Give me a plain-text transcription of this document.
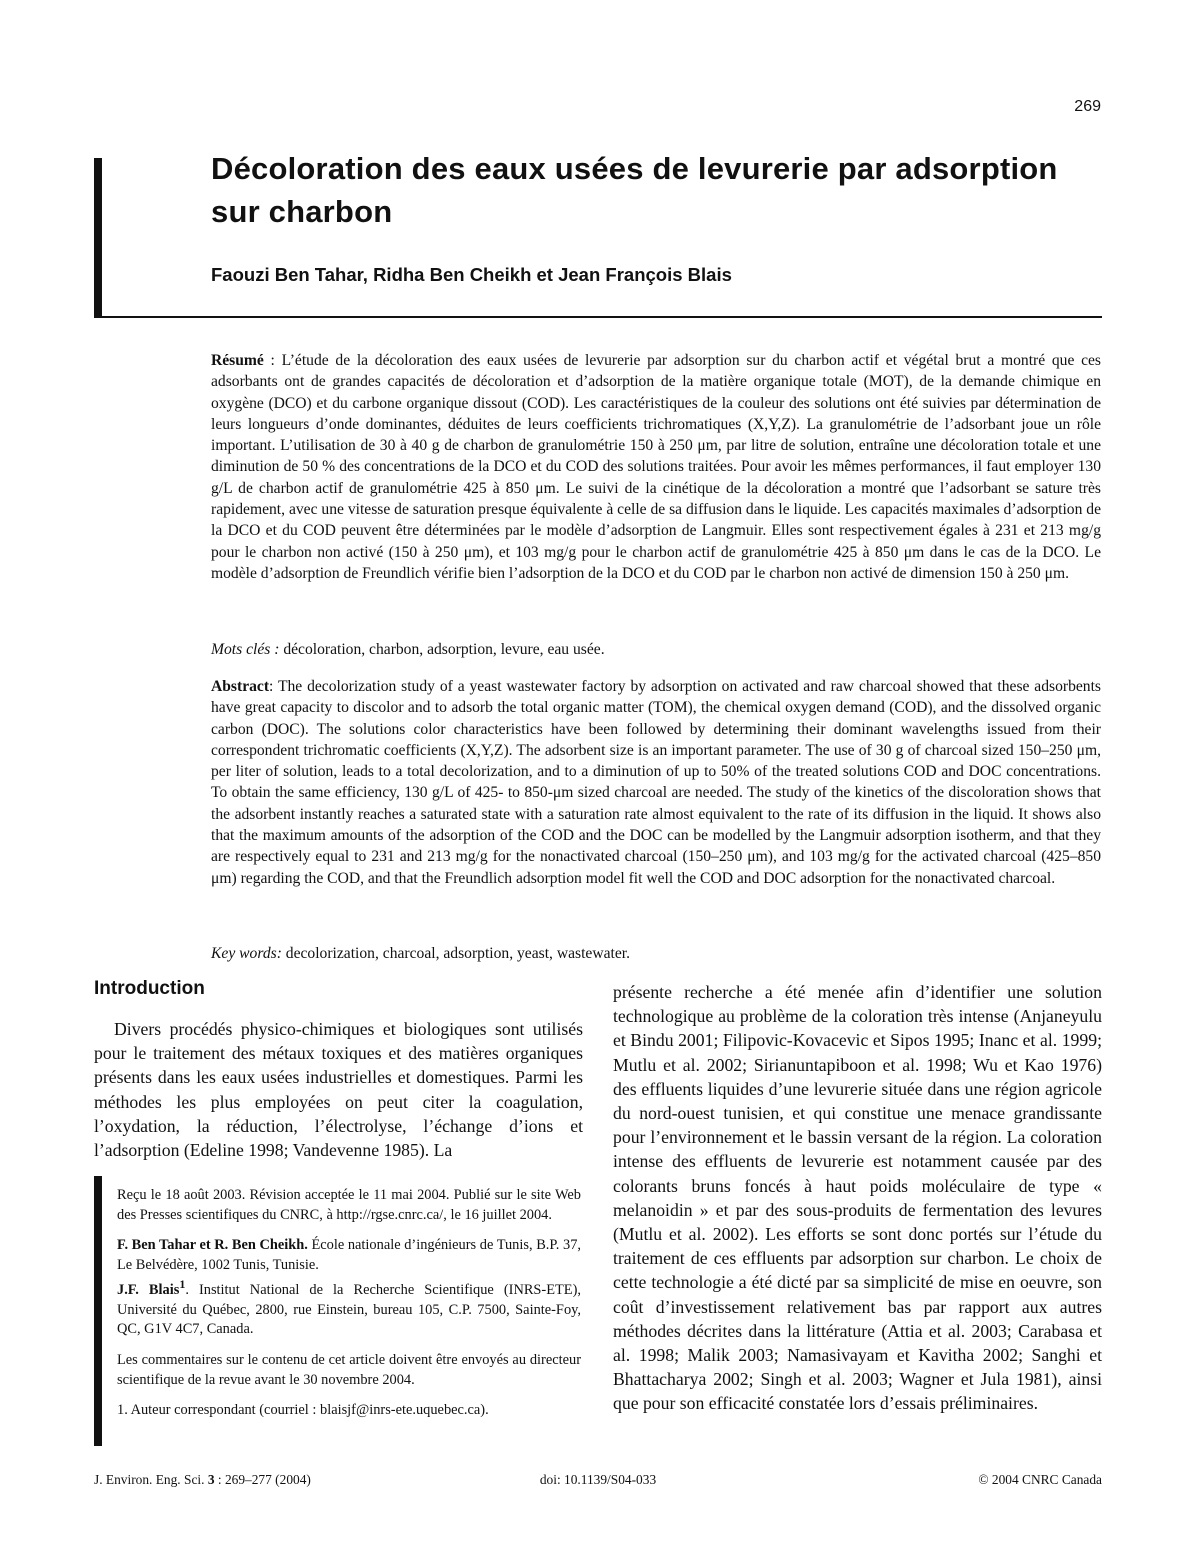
269
Décoloration des eaux usées de levurerie par adsorption sur charbon

Faouzi Ben Tahar, Ridha Ben Cheikh et Jean François Blais

Résumé : L’étude de la décoloration des eaux usées de levurerie par adsorption sur du charbon actif et végétal brut a montré que ces adsorbants ont de grandes capacités de décoloration et d’adsorption de la matière organique totale (MOT), de la demande chimique en oxygène (DCO) et du carbone organique dissout (COD). Les caractéristiques de la couleur des solutions ont été suivies par détermination de leurs longueurs d’onde dominantes, déduites de leurs coefficients trichromatiques (X,Y,Z). La granulométrie de l’adsorbant joue un rôle important. L’utilisation de 30 à 40 g de charbon de granulométrie 150 à 250 μm, par litre de solution, entraîne une décoloration totale et une diminution de 50 % des concentrations de la DCO et du COD des solutions traitées. Pour avoir les mêmes performances, il faut employer 130 g/L de charbon actif de granulométrie 425 à 850 μm. Le suivi de la cinétique de la décoloration a montré que l’adsorbant se sature très rapidement, avec une vitesse de saturation presque équivalente à celle de sa diffusion dans le liquide. Les capacités maximales d’adsorption de la DCO et du COD peuvent être déterminées par le modèle d’adsorption de Langmuir. Elles sont respectivement égales à 231 et 213 mg/g pour le charbon non activé (150 à 250 μm), et 103 mg/g pour le charbon actif de granulométrie 425 à 850 μm dans le cas de la DCO. Le modèle d’adsorption de Freundlich vérifie bien l’adsorption de la DCO et du COD par le charbon non activé de dimension 150 à 250 μm.

Mots clés : décoloration, charbon, adsorption, levure, eau usée.

Abstract: The decolorization study of a yeast wastewater factory by adsorption on activated and raw charcoal showed that these adsorbents have great capacity to discolor and to adsorb the total organic matter (TOM), the chemical oxygen demand (COD), and the dissolved organic carbon (DOC). The solutions color characteristics have been followed by determining their dominant wavelengths issued from their correspondent trichromatic coefficients (X,Y,Z). The adsorbent size is an important parameter. The use of 30 g of charcoal sized 150–250 μm, per liter of solution, leads to a total decolorization, and to a diminution of up to 50% of the treated solutions COD and DOC concentrations. To obtain the same efficiency, 130 g/L of 425- to 850-μm sized charcoal are needed. The study of the kinetics of the discoloration shows that the adsorbent instantly reaches a saturated state with a saturation rate almost equivalent to the rate of its diffusion in the liquid. It shows also that the maximum amounts of the adsorption of the COD and the DOC can be modelled by the Langmuir adsorption isotherm, and that they are respectively equal to 231 and 213 mg/g for the nonactivated charcoal (150–250 μm), and 103 mg/g for the activated charcoal (425–850 μm) regarding the COD, and that the Freundlich adsorption model fit well the COD and DOC adsorption for the nonactivated charcoal.

Key words: decolorization, charcoal, adsorption, yeast, wastewater.

Introduction
Divers procédés physico-chimiques et biologiques sont utilisés pour le traitement des métaux toxiques et des matières organiques présents dans les eaux usées industrielles et domestiques. Parmi les méthodes les plus employées on peut citer la coagulation, l’oxydation, la réduction, l’électrolyse, l’échange d’ions et l’adsorption (Edeline 1998; Vandevenne 1985). La

Reçu le 18 août 2003. Révision acceptée le 11 mai 2004. Publié sur le site Web des Presses scientifiques du CNRC, à http://rgse.cnrc.ca/, le 16 juillet 2004.

F. Ben Tahar et R. Ben Cheikh. École nationale d’ingénieurs de Tunis, B.P. 37, Le Belvédère, 1002 Tunis, Tunisie.

J.F. Blais$^1$. Institut National de la Recherche Scientifique (INRS-ETE), Université du Québec, 2800, rue Einstein, bureau 105, C.P. 7500, Sainte-Foy, QC, G1V 4C7, Canada.

Les commentaires sur le contenu de cet article doivent être envoyés au directeur scientifique de la revue avant le 30 novembre 2004.

1. Auteur correspondant (courriel : blaisjf@inrs-ete.uquebec.ca).

présente recherche a été menée afin d’identifier une solution technologique au problème de la coloration très intense (Anjaneyulu et Bindu 2001; Filipovic-Kovacevic et Sipos 1995; Inanc et al. 1999; Mutlu et al. 2002; Sirianuntapiboon et al. 1998; Wu et Kao 1976) des effluents liquides d’une levurerie située dans une région agricole du nord-ouest tunisien, et qui constitue une menace grandissante pour l’environnement et le bassin versant de la région. La coloration intense des effluents de levurerie est notamment causée par des colorants bruns foncés à haut poids moléculaire de type « melanoidin » et par des sous-produits de fermentation des levures (Mutlu et al. 2002). Les efforts se sont donc portés sur l’étude du traitement de ces effluents par adsorption sur charbon. Le choix de cette technologie a été dicté par sa simplicité de mise en oeuvre, son coût d’investissement relativement bas par rapport aux autres méthodes décrites dans la littérature (Attia et al. 2003; Carabasa et al. 1998; Malik 2003; Namasivayam et Kavitha 2002; Sanghi et Bhattacharya 2002; Singh et al. 2003; Wagner et Jula 1981), ainsi que pour son efficacité constatée lors d’essais préliminaires.
J. Environ. Eng. Sci. 3 : 269–277 (2004)	doi: 10.1139/S04-033	© 2004 CNRC Canada
